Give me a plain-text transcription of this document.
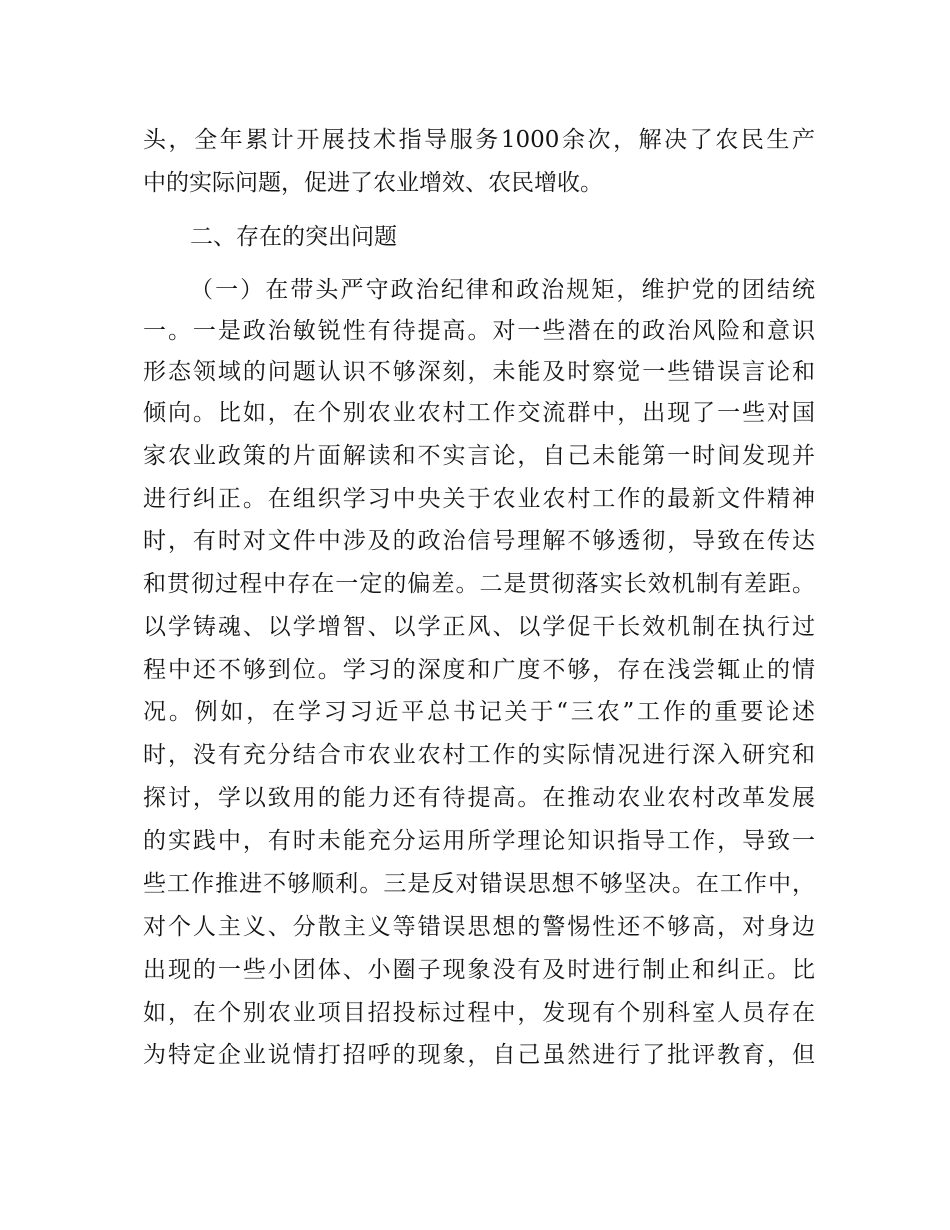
头，全年累计开展技术指导服务1000余次，解决了农民生产
中的实际问题，促进了农业增效、农民增收。
二、存在的突出问题
（一）在带头严守政治纪律和政治规矩，维护党的团结统
一。一是政治敏锐性有待提高。对一些潜在的政治风险和意识
形态领域的问题认识不够深刻，未能及时察觉一些错误言论和
倾向。比如，在个别农业农村工作交流群中，出现了一些对国
家农业政策的片面解读和不实言论，自己未能第一时间发现并
进行纠正。在组织学习中央关于农业农村工作的最新文件精神
时，有时对文件中涉及的政治信号理解不够透彻，导致在传达
和贯彻过程中存在一定的偏差。二是贯彻落实长效机制有差距。
以学铸魂、以学增智、以学正风、以学促干长效机制在执行过
程中还不够到位。学习的深度和广度不够，存在浅尝辄止的情
况。例如，在学习习近平总书记关于“三农”工作的重要论述
时，没有充分结合市农业农村工作的实际情况进行深入研究和
探讨，学以致用的能力还有待提高。在推动农业农村改革发展
的实践中，有时未能充分运用所学理论知识指导工作，导致一
些工作推进不够顺利。三是反对错误思想不够坚决。在工作中，
对个人主义、分散主义等错误思想的警惕性还不够高，对身边
出现的一些小团体、小圈子现象没有及时进行制止和纠正。比
如，在个别农业项目招投标过程中，发现有个别科室人员存在
为特定企业说情打招呼的现象，自己虽然进行了批评教育，但
